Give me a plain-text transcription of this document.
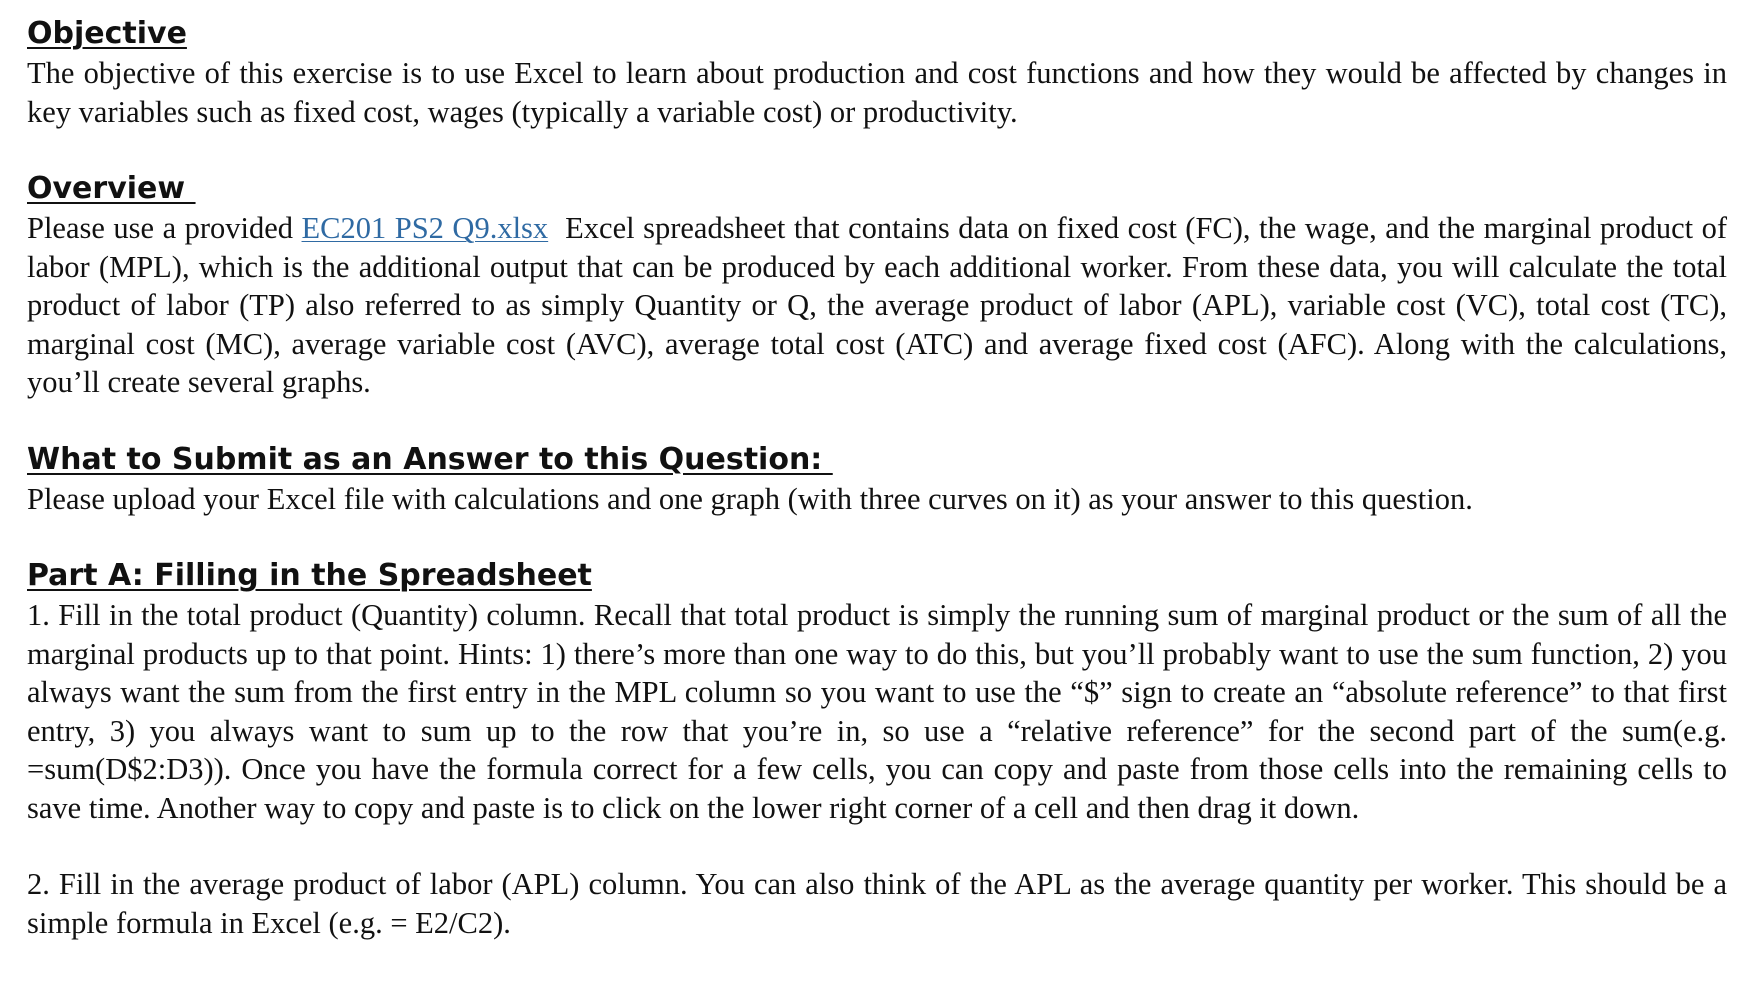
Objective

The objective of this exercise is to use Excel to learn about production and cost functions and how they would be affected by changes in key variables such as fixed cost, wages (typically a variable cost) or productivity.

Overview

Please use a provided EC201 PS2 Q9.xlsx  Excel spreadsheet that contains data on fixed cost (FC), the wage, and the marginal product of labor (MPL), which is the additional output that can be produced by each additional worker. From these data, you will calculate the total product of labor (TP) also referred to as simply Quantity or Q, the average product of labor (APL), variable cost (VC), total cost (TC), marginal cost (MC), average variable cost (AVC), average total cost (ATC) and average fixed cost (AFC). Along with the calculations, you’ll create several graphs.

What to Submit as an Answer to this Question:

Please upload your Excel file with calculations and one graph (with three curves on it) as your answer to this question.

Part A: Filling in the Spreadsheet

1. Fill in the total product (Quantity) column. Recall that total product is simply the running sum of marginal product or the sum of all the marginal products up to that point. Hints: 1) there’s more than one way to do this, but you’ll probably want to use the sum function, 2) you always want the sum from the first entry in the MPL column so you want to use the “$” sign to create an “absolute reference” to that first entry, 3) you always want to sum up to the row that you’re in, so use a “relative reference” for the second part of the sum(e.g. =sum(D$2:D3)). Once you have the formula correct for a few cells, you can copy and paste from those cells into the remaining cells to save time. Another way to copy and paste is to click on the lower right corner of a cell and then drag it down.

2. Fill in the average product of labor (APL) column. You can also think of the APL as the average quantity per worker. This should be a simple formula in Excel (e.g. = E2/C2).
